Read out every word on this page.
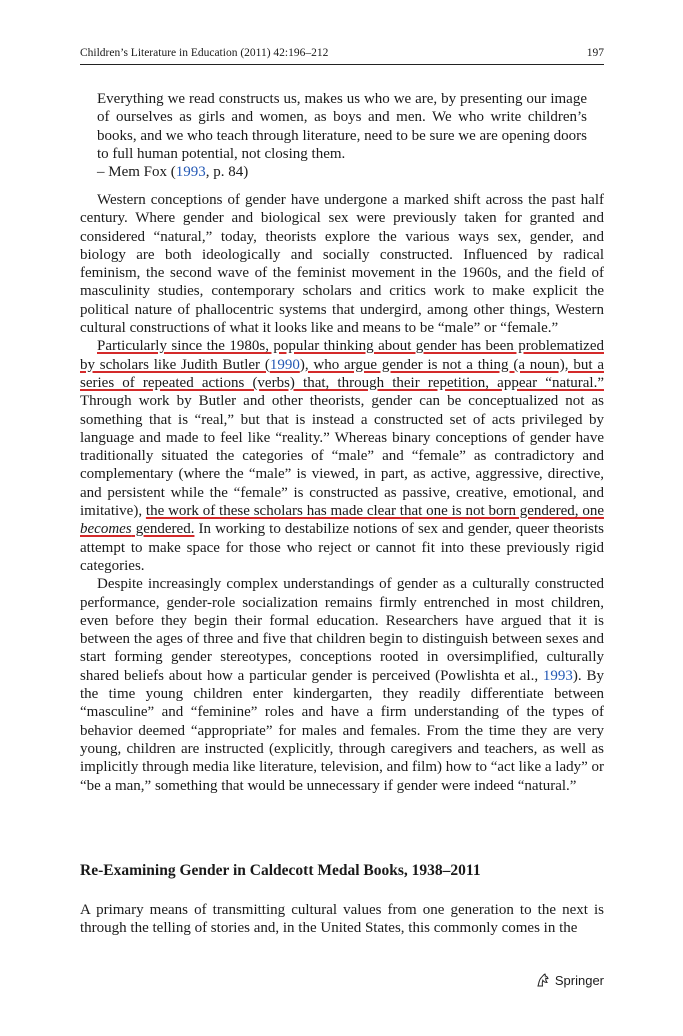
Children’s Literature in Education (2011) 42:196–212	197

Everything we read constructs us, makes us who we are, by presenting our image of ourselves as girls and women, as boys and men. We who write children’s books, and we who teach through literature, need to be sure we are opening doors to full human potential, not closing them.

– Mem Fox (1993, p. 84)

Western conceptions of gender have undergone a marked shift across the past half century. Where gender and biological sex were previously taken for granted and considered “natural,” today, theorists explore the various ways sex, gender, and biology are both ideologically and socially constructed. Influenced by radical feminism, the second wave of the feminist movement in the 1960s, and the field of masculinity studies, contemporary scholars and critics work to make explicit the political nature of phallocentric systems that undergird, among other things, Western cultural constructions of what it looks like and means to be “male” or “female.”

Particularly since the 1980s, popular thinking about gender has been problematized by scholars like Judith Butler (1990), who argue gender is not a thing (a noun), but a series of repeated actions (verbs) that, through their repetition, appear “natural.” Through work by Butler and other theorists, gender can be conceptualized not as something that is “real,” but that is instead a constructed set of acts privileged by language and made to feel like “reality.” Whereas binary conceptions of gender have traditionally situated the categories of “male” and “female” as contradictory and complementary (where the “male” is viewed, in part, as active, aggressive, directive, and persistent while the “female” is constructed as passive, creative, emotional, and imitative), the work of these scholars has made clear that one is not born gendered, one becomes gendered. In working to destabilize notions of sex and gender, queer theorists attempt to make space for those who reject or cannot fit into these previously rigid categories.

Despite increasingly complex understandings of gender as a culturally constructed performance, gender-role socialization remains firmly entrenched in most children, even before they begin their formal education. Researchers have argued that it is between the ages of three and five that children begin to distinguish between sexes and start forming gender stereotypes, conceptions rooted in oversimplified, culturally shared beliefs about how a particular gender is perceived (Powlishta et al., 1993). By the time young children enter kindergarten, they readily differentiate between “masculine” and “feminine” roles and have a firm understanding of the types of behavior deemed “appropriate” for males and females. From the time they are very young, children are instructed (explicitly, through caregivers and teachers, as well as implicitly through media like literature, television, and film) how to “act like a lady” or “be a man,” something that would be unnecessary if gender were indeed “natural.”

Re-Examining Gender in Caldecott Medal Books, 1938–2011

A primary means of transmitting cultural values from one generation to the next is through the telling of stories and, in the United States, this commonly comes in the

Springer
